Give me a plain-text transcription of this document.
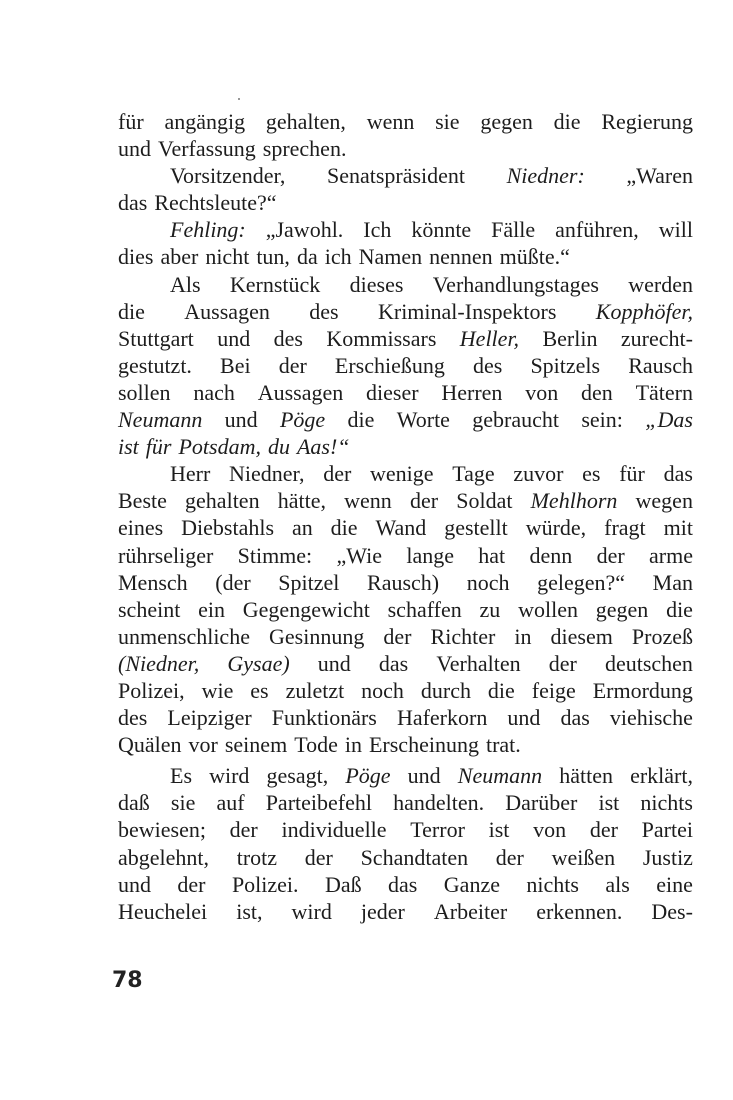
für angängig gehalten, wenn sie gegen die Regierung
und Verfassung sprechen.
Vorsitzender, Senatspräsident Niedner: „Waren
das Rechtsleute?“
Fehling: „Jawohl. Ich könnte Fälle anführen, will
dies aber nicht tun, da ich Namen nennen müßte.“
Als Kernstück dieses Verhandlungstages werden
die Aussagen des Kriminal-Inspektors Kopphöfer,
Stuttgart und des Kommissars Heller, Berlin zurecht-
gestutzt. Bei der Erschießung des Spitzels Rausch
sollen nach Aussagen dieser Herren von den Tätern
Neumann und Pöge die Worte gebraucht sein: „Das
ist für Potsdam, du Aas!“
Herr Niedner, der wenige Tage zuvor es für das
Beste gehalten hätte, wenn der Soldat Mehlhorn wegen
eines Diebstahls an die Wand gestellt würde, fragt mit
rührseliger Stimme: „Wie lange hat denn der arme
Mensch (der Spitzel Rausch) noch gelegen?“ Man
scheint ein Gegengewicht schaffen zu wollen gegen die
unmenschliche Gesinnung der Richter in diesem Prozeß
(Niedner, Gysae) und das Verhalten der deutschen
Polizei, wie es zuletzt noch durch die feige Ermordung
des Leipziger Funktionärs Haferkorn und das viehische
Quälen vor seinem Tode in Erscheinung trat.
Es wird gesagt, Pöge und Neumann hätten erklärt,
daß sie auf Parteibefehl handelten. Darüber ist nichts
bewiesen; der individuelle Terror ist von der Partei
abgelehnt, trotz der Schandtaten der weißen Justiz
und der Polizei. Daß das Ganze nichts als eine
Heuchelei ist, wird jeder Arbeiter erkennen. Des-
78
